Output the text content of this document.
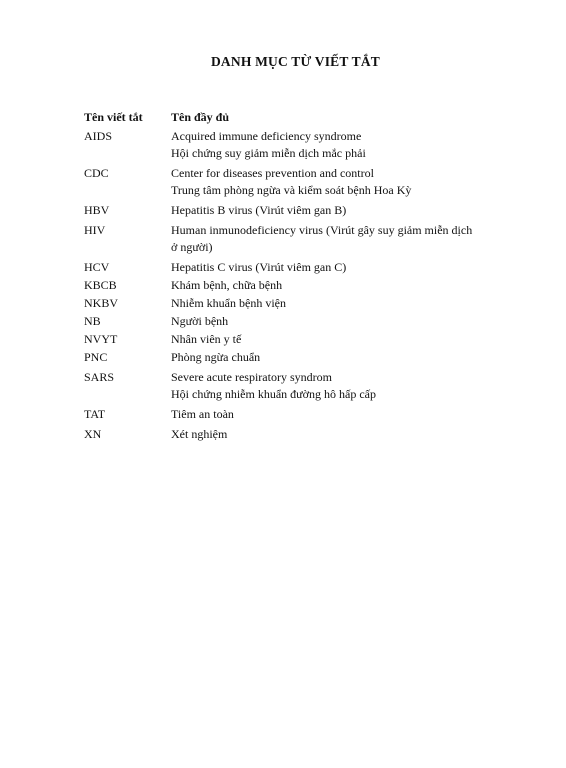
DANH MỤC TỪ VIẾT TẮT
Tên viết tắt	Tên đầy đủ
AIDS	Acquired immune deficiency syndrome
Hội chứng suy giảm miễn dịch mắc phải
CDC	Center for diseases prevention and control
Trung tâm phòng ngừa và kiểm soát bệnh Hoa Kỳ
HBV	Hepatitis B virus (Virút viêm gan B)
HIV	Human inmunodeficiency virus (Virút gây suy giảm miễn dịch
ở người)
HCV	Hepatitis C virus (Virút viêm gan C)
KBCB	Khám bệnh, chữa bệnh
NKBV	Nhiễm khuẩn bệnh viện
NB	Người bệnh
NVYT	Nhân viên y tế
PNC	Phòng ngừa chuẩn
SARS	Severe acute respiratory syndrom
Hội chứng nhiễm khuẩn đường hô hấp cấp
TAT	Tiêm an toàn
XN	Xét nghiệm
